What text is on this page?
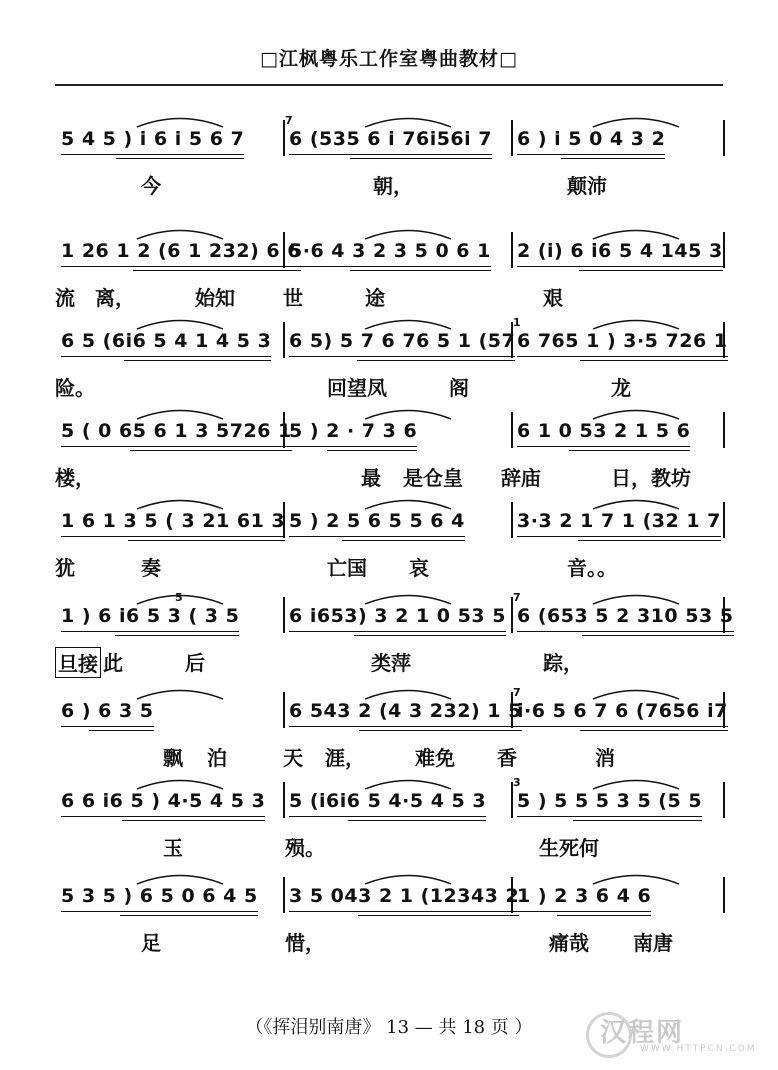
□江枫粤乐工作室粤曲教材□
5 4 5 ) i 6 i 5 6 7 6 (535 6 i 76i56i 7
7
6 ) i 5 0 4 3 2
今	朝，	颠沛
1 26 1 2 (6 1 232) 6 6
5·6 4 3 2 3 5 0 6 1 2 (i) 6 i6 5 4 145 3
流 离，	始知 世	途	艰
6 5 (6i6 5 4 1 4 5 3 6 5) 5 7 6 76 5 1 (57 6 765 1 ) 3·5 726 1
1
险。	回望凤	阁	龙
5 ( 0 65 6 1 3 5726 1
5 ) 2 · 7 3 6	6 1 0 53 2 1 5 6
楼，	最 是仓皇 辞庙	日，教坊
1 6 1 3 5 ( 3 21 61 3 5 ) 2 5 6 5 5 6 4	3·3 2 1 7 1 (32 1 7
犹	奏	亡国 哀	音。。
1 ) 6 i6 5 3 ( 3 5
5
6 i653) 3 2 1 0 53 5 6 (653 5 2 310 53 5
7
旦接 此	后	类萍	踪，
6 ) 6 3 5	6 543 2 (4 3 232) 1 5
i·6 5 6 7 6 (7656 i7
7
飘 泊	天 涯，	难免 香	消
6 6 i6 5 ) 4·5 4 5 3 5 (i6i6 5 4·5 4 5 3 5 ) 5 5 5 3 5 (5 5
3
玉	殒。	生死何
5 3 5 ) 6 5 0 6 4 5 3 5 043 2 1 (12343 2
1 ) 2 3 6 4 6
足	惜，	痛哉 南唐
（《挥泪别南唐》 13 — 共 18 页 ）	汉程网
WWW.HTTPCN.COM
